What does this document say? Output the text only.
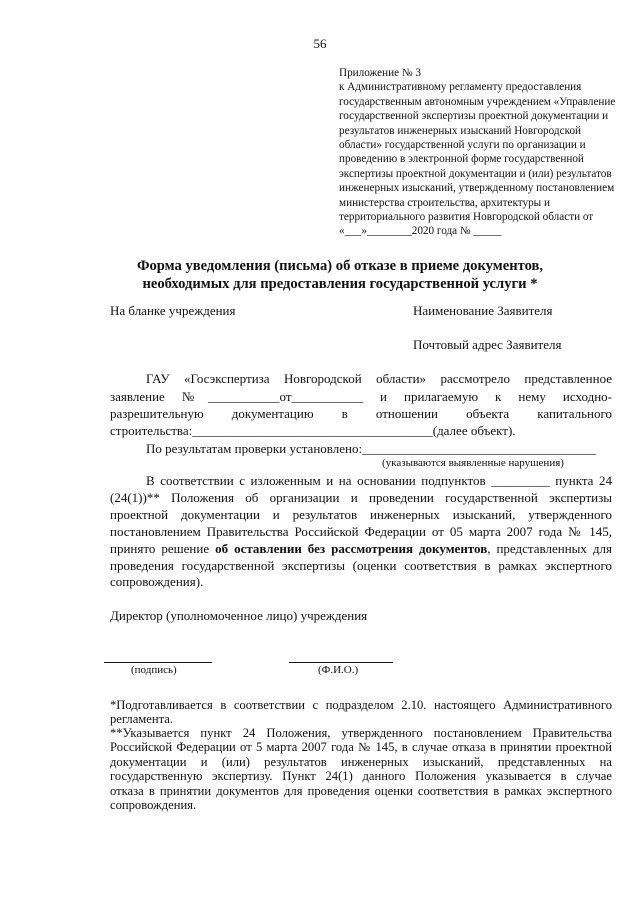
56
Приложение № 3
к Административному регламенту предоставления
государственным автономным учреждением «Управление
государственной экспертизы проектной документации и
результатов инженерных изысканий Новгородской
области» государственной услуги по организации и
проведению в электронной форме государственной
экспертизы проектной документации и (или) результатов
инженерных изысканий, утвержденному постановлением
министерства строительства, архитектуры и
территориального развития Новгородской области от
«___»________2020 года № _____
Форма уведомления (письма) об отказе в приеме документов,
необходимых для предоставления государственной услуги *
На бланке учреждения	Наименование Заявителя
Почтовый адрес Заявителя
ГАУ «Госэкспертиза Новгородской области» рассмотрело представленное
заявление №___________от___________ и прилагаемую к нему исходно-
разрешительную документацию в отношении объекта капитального
строительства:_____________________________________(далее объект).
По результатам проверки установлено:____________________________________
(указываются выявленные нарушения)
В соответствии с изложенным и на основании подпунктов _________ пункта 24
(24(1))** Положения об организации и проведении государственной экспертизы
проектной документации и результатов инженерных изысканий, утвержденного
постановлением Правительства Российской Федерации от 05 марта 2007 года № 145,
принято решение об оставлении без рассмотрения документов, представленных для
проведения государственной экспертизы (оценки соответствия в рамках экспертного
сопровождения).
Директор (уполномоченное лицо) учреждения
(подпись)	(Ф.И.О.)
*Подготавливается в соответствии с подразделом 2.10. настоящего Административного
регламента.
**Указывается пункт 24 Положения, утвержденного постановлением Правительства
Российской Федерации от 5 марта 2007 года № 145, в случае отказа в принятии проектной
документации и (или) результатов инженерных изысканий, представленных на
государственную экспертизу. Пункт 24(1) данного Положения указывается в случае
отказа в принятии документов для проведения оценки соответствия в рамках экспертного
сопровождения.
